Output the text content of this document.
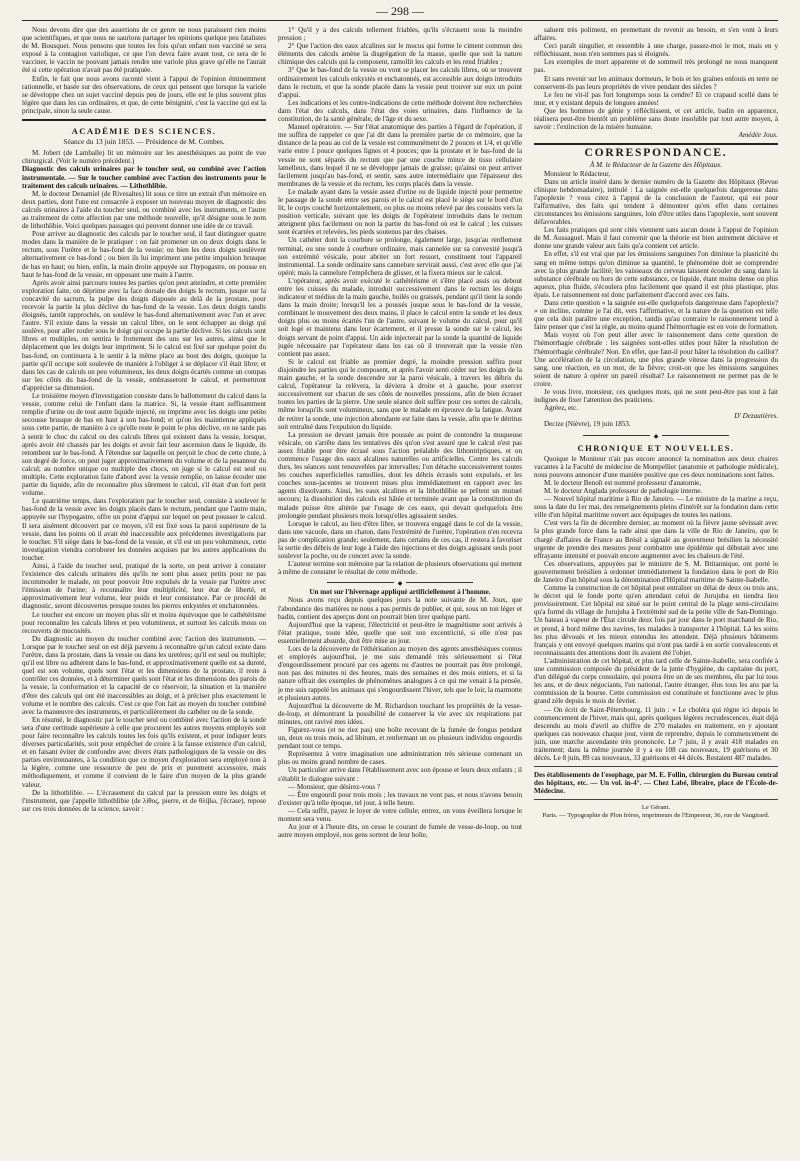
— 298 —

Nous devons dire que des assertions de ce genre ne nous paraissent rien moins que scientifiques, et que nous ne saurions partager les opinions quelque peu fatalistes de M. Bousquet. Nous pensons que toutes les fois qu'un enfant non vacciné se sera exposé à la contagion variolique, ce que l'on devra faire avant tout, ce sera de le vacciner, le vaccin ne pouvant jamais rendre une variole plus grave qu'elle ne l'aurait été si cette opération n'avait pas été pratiquée.

Enfin, le fait que nous avons raconté vient à l'appui de l'opinion éminemment rationnelle, et basée sur des observations, de ceux qui pensent que lorsque la variole se développe chez un sujet vacciné depuis peu de jours, elle est le plus souvent plus légère que dans les cas ordinaires, et que, de cette bénignité, c'est la vaccine qui est la principale, sinon la seule cause.

ACADÉMIE DES SCIENCES.
Séance du 13 juin 1853. — Présidence de M. Combes.

M. Jobert (de Lamballe) lit un mémoire sur les anesthésiques au point de vue chirurgical. (Voir le numéro précédent.)

Diagnostic des calculs urinaires par le toucher seul, ou combiné avec l'action instrumentale. — Sur le toucher combiné avec l'action des instruments pour le traitement des calculs urinaires. — Lithothlibie.

M. le docteur Denamiel (de Rivesaltes) lit sous ce titre un extrait d'un mémoire en deux parties, dont l'une est consacrée à exposer un nouveau moyen de diagnostic des calculs urinaires à l'aide du toucher seul, ou combiné avec les instruments, et l'autre au traitement de cette affection par une méthode nouvelle, qu'il désigne sous le nom de lithothlibie. Voici quelques passages qui peuvent donner une idée de ce travail.

Pour arriver au diagnostic des calculs par le toucher seul, il faut distinguer quatre modes dans la manière de le pratiquer : on fait promener un ou deux doigts dans le rectum, sous l'urètre et le bas-fond de la vessie; ou bien les deux doigts soulèvent alternativement ce bas-fond ; ou bien ils lui impriment une petite impulsion brusque de bas en haut; ou bien, enfin, la main droite appuyée sur l'hypogastre, on pousse en haut le bas-fond de la vessie, en opposant une main à l'autre.

Après avoir ainsi parcouru toutes les parties qu'on peut atteindre, et cette première exploration faite, on déprime avec la face dorsale des doigts le rectum, jusque sur la concavité du sacrum, la pulpe des doigts disposée au delà de la prostate, pour recevoir la partie la plus déclive du bas-fond de la vessie. Les deux doigts tandis éloignés, tantôt rapprochés, on soulève le bas-fond alternativement avec l'un et avec l'autre. S'il existe dans la vessie un calcul libre, on le sent échapper au doigt qui soulève, pour aller rouler sous le doigt qui occupe la partie déclive. Si les calculs sont libres et multiples, on sentira le frottement des uns sur les autres, aimsi que le déplacement que les doigts leur impriment. Si le calcul est fixé sur quelque point du bas-fond, on continuera à le sentir à la même place au bout des doigts, quoique la partie qu'il occupe soit soulevée de manière à l'obliger à se déplacer s'il était libre; et dans les cas de calculs un peu volumineux, les deux doigts écartés comme un compas sur les côtés du bas-fond de la vessie, embrasseront le calcul, et permettront d'apprécier sa dimension.

Le troisième moyen d'investigation consiste dans le ballottement du calcul dans la vessie, comme celui de l'enfant dans la matrice. Si, la vessie étant suffisamment remplie d'urine ou de tout autre liquide injecté, on imprime avec les doigts une petite secousse brusque de bas en haut à son bas-fond; et qu'on les maintienne appliqués sous cette partie, de manière à ce qu'elle reste le point le plus déclive, on ne tarde pas à sentir le choc du calcul ou des calculs libres qui existent dans la vessie, lorsque, après avoir été chassés par les doigts et avoir fait leur ascension dans le liquide, ils retombent sur le bas-fond. À l'étendue sur laquelle on perçoit le choc de cette chute, à son degré de force, on peut juger approximativement du volume et de la pesanteur du calcul; au nombre unique ou multiple des chocs, on juge si le calcul est seul ou multiple. Cette exploration faite d'abord avec la vessie remplie, on laisse écouler une partie du liquide, afin de reconnaître plus sûrement le calcul, s'il était d'un fort petit volume.

Le quatrième temps, dans l'exploration par le toucher seul, consiste à soulever le bas-fond de la vessie avec les doigts placés dans le rectum, pendant que l'autre main, appuyée sur l'hypogastre, offre un point d'appui sur lequel on peut pousser le calcul. Il sera aisément découvert par ce moyen, s'il est fixé sous la paroi supérieure de la vessie, dans les points où il avait été inaccessible aux précédentes investigations par le toucher. S'il siège dans le bas-fond de la vessie, et s'il est un peu volumineux, cette investigation viendra corroborer les données acquises par les autres applications du toucher.

Ainsi, à l'aide du toucher seul, pratiqué de la sorte, on peut arriver à constater l'existence des calculs urinaires dès qu'ils ne sont plus assez petits pour ne pas incommoder le malade, on pour pouvoir être expulsés de la vessie par l'urètre avec l'émission de l'urine; à reconnaître leur multiplicité, leur état de liberté, et approximativement leur volume, leur poids et leur consistance. Par ce procédé de diagnostic, seront découvertes presque toutes les pierres enkystées et enchatonnées.

Le toucher est encore un moyen plus sûr et moins équivoque que le cathétérisme pour reconnaître les calculs libres et peu volumineux, et surtout les calculs mous ou recouverts de mucosités.

Du diagnostic au moyen du toucher combiné avec l'action des instruments. — Lorsque par le toucher seul on est déjà parvenu à reconnaître qu'un calcul existe dans l'urètre, dans la prostate, dans la vessie ou dans les uretères; qu'il est seul ou multiple; qu'il est libre ou adhérent dans le bas-fond, et approximativement quelle est sa dureté, quel est son volume, quels sont l'état et les dimensions de la prostate, il reste à contrôler ces données, et à déterminer quels sont l'état et les dimensions des parois de la vessie, la conformation et la capacité de ce réservoir, la situation et la manière d'être des calculs qui ont été inaccessibles au doigt, et à préciser plus exactement le volume et le nombre des calculs. C'est ce que l'on fait au moyen du toucher combiné avec la manœuvre des instruments, et particulièrement du cathéter ou de la sonde.

En résumé, le diagnostic par le toucher seul ou combiné avec l'action de la sonde sera d'une certitude supérieure à celle que procurent les autres moyens employés soit pour faire reconnaître les calculs toutes les fois qu'ils existent, et pour indiquer leurs diverses particularités, soit pour empêcher de croire à la fausse existence d'un calcul, et en faisant éviter de confondre avec divers états pathologiques de la vessie ou des parties environnantes, à la condition que ce moyen d'exploration sera employé non à la légère, comme une ressource de peu de prix et purement accessoire, mais méthodiquement, et comme il convient de le faire d'un moyen de la plus grande valeur.

De la lithothlibie. — L'écrasement du calcul par la pression entre les doigts et l'instrument, que j'appelle lithothlibie (de λίθος, pierre, et de θλίβω, j'écrase), repose sur ces trois données de la science, savoir :

1° Qu'il y a des calculs tellement friables, qu'ils s'écrasent sous la moindre pression ;

2° Que l'action des eaux alcalines sur le mucus qui forme le ciment commun des éléments des calculs amène la disgrégation de la masse, quelle que soit la nature chimique des calculs qui la composent, ramollit les calculs et les rend friables ;

3° Que le bas-fond de la vessie ou vont se placer les calculs libres, où se trouvent ordinairement les calculs enkystés et enchatonnés, est accessible aux doigts introduits dans le rectum, et que la sonde placée dans la vessie peut trouver sur eux un point d'appui.

Les indications et les contre-indications de cette méthode doivent être recherchées dans l'état des calculs, dans l'état des voies urinaires, dans l'influence de la constitution, de la santé générale, de l'âge et du sexe.

Manuel opératoire. — Sur l'état anatomique des parties à l'égard de l'opération, il me suffira de rappeler ce que j'ai dit dans la première partie de ce mémoire, que la distance de la peau au col de la vessie est communément de 2 pouces et 1/4, et qu'elle varie entre 1 pouce quelques lignes et 4 pouces; que la prostate et le bas-fond de la vessie ne sont séparés du rectum que par une couche mince de tissu cellulaire lamelleux, dans lequel il ne se développe jamais de graisse; qu'ainsi on peut arriver facilement jusqu'au bas-fond, et sentir, sans autre intermédiaire que l'épaisseur des membranes de la vessie et du rectum, les corps placés dans la vessie.

Le malade ayant dans la vessie assez d'urine ou de liquide injecté pour permettre le passage de la sonde entre ses parois et le calcul est placé le siège sur le bord d'un lit, le corps couché horizontalement, ou plus ou moins relevé par des coussins vers la position verticale, suivant que les doigts de l'opérateur introduits dans le rectum atteignent plus facilement ou non la partie du bas-fond où est le calcul ; les cuisses sont écartées et relevées, les pieds soutenus par des chaises.

Un cathéter dont la courbure se prolonge, également large, jusqu'au renflement terminal, ou une sonde à courbure ordinaire, mais cannelée sur sa convexité jusqu'à son extrémité vésicale, pour abriter un fort ressort, constituent tout l'appareil instrumental. La sonde ordinaire sans cannelure servirait aussi, c'est avec elle que j'ai opéré; mais la cannelure l'empêchera de glisser, et la fixera mieux sur le calcul.

L'opérateur, après avoir exécuté le cathétérisme et s'être placé assis ou debout entre les cuisses du malade, introduit successivement dans le rectum les doigts indicateur et médius de la main gauche, huilés ou graissés, pendant qu'il tient la sonde dans la main droite; lorsqu'il les a poussés jusque sous le bas-fond de la vessie, combinant le mouvement des deux mains, il place le calcul entre la sonde et les deux doigts plus ou moins écartés l'un de l'autre, suivant le volume du calcul, pour qu'il soit logé et maintenu dans leur écartement, et il presse la sonde sur le calcul, les doigts servant de point d'appui. Un aide injecterait par la sonde la quantité de liquide jugée nécessaire par l'opérateur dans les cas où il trouverait que la vessie n'en contient pas assez.

Si le calcul est friable au premier degré, la moindre pression suffira pour disjoindre les parties qui le composent, et après l'avoir senti céder sur les doigts de la main gauche, et la sonde descendre sur la paroi vésicale, à travers les débris du calcul, l'opérateur la relèvera, la déviera à droite et à gauche, pour exercer successivement sur chacun de ses côtés de nouvelles pressions, afin de bien écraser toutes les parties de la pierre. Une seule séance doit suffire pour ces sortes de calculs, même lorsqu'ils sont volumineux, sans que le malade en éprouve de la fatigue. Avant de retirer la sonde, une injection abondante est faite dans la vessie, afin que le détritus soit entraîné dans l'expulsion du liquide.

La pression ne devant jamais être poussée au point de contondre la muqueuse vésicale, on s'arrête dans les tentatives dès qu'on s'est assuré que le calcul n'est pas assez friable pour être écrasé sous l'action préalable des lithontriptiques, et on commence l'usage des eaux alcalines naturelles ou artificielles. Contre les calculs durs, les séances sont renouvelées par intervalles; l'on détache successivement toutes les couches superficielles ramollies, dont les débris écrasés sont expulsés, et les couches sous-jacentes se trouvent mises plus immédiatement en rapport avec les agents dissolvants. Ainsi, les eaux alcalines et la lithothlibie se prêtent un mutuel secours; la dissolution des calculs est hâtée et terminée avant que la constitution du malade puisse être altérée par l'usage de ces eaux, qui devait quelquefois être prolongée pendant plusieurs mois lorsqu'elles agissaient seules.

Lorsque le calcul, au lieu d'être libre, se trouvera engagé dans le col de la vessie, dans une vacuole, dans un chaton, dans l'extrémité de l'urètre, l'opération n'en recevra pas de complication grande; seulement, dans certains de ces cas, il restera à favoriser la sortie des débris de leur loge à l'aide des injections et des doigts agissant seuls pour soulever la poche, ou de concert avec la sonde.

L'auteur termine son mémoire par la relation de plusieurs observations qui mettent à même de constater le résultat de cette méthode.

◆

Un mot sur l'hivernage appliqué artificiellement à l'homme.

Nous avons reçu depuis quelques jours la note suivante de M. Joux, que l'abondance des matières ne nous a pas permis de publier, et qui, sous un ton léger et badin, contient des aperçus dont on pourrait bien tirer quelque parti.

Aujourd'hui que la vapeur, l'électricité et peut-être le magnétisme sont arrivés à l'état pratique, toute idée, quelle que soit son excentricité, si elle n'est pas essentiellement absurde, doit être mise au jour.

Lors de la découverte de l'éthérisation au moyen des agents anesthésiques connus et employés aujourd'hui, je me suis demandé très sérieusement si l'état d'engourdissement procuré par ces agents ou d'autres ne pourrait pas être prolongé, non pas des minutes ni des heures, mais des semaines et des mois entiers, et si la nature offrait des exemples de phénomènes analogues à ce qui me venait à la pensée, je me suis rappelé les animaux qui s'engourdissent l'hiver, tels que le loir, la marmotte et plusieurs autres.

Aujourd'hui la découverte de M. Richardson touchant les propriétés de la vesse-de-loup, et démontrant la possibilité de conserver la vie avec six respirations par minutes, ont ravivé mes idées.

Figurez-vous (et ne riez pas) une boîte recevant de la fumée de fongus pendant un, deux ou trois mois, ad libitum, et renfermant un ou plusieurs individus engourdis pendant tout ce temps.

Représentez à votre imagination une administration très sérieuse contenant un plus ou moins grand nombre de cases.

Un particulier arrive dans l'établissement avec son épouse et leurs deux enfants ; il s'établit le dialogue suivant :

— Monsieur, que désirez-vous ?

— Être engourdi pour trois mois ; les travaux ne vont pas, et nous n'avons besoin d'exister qu'à telle époque, tel jour, à telle heure.

— Cela suffit, payez le loyer de votre cellule; entrez, on vous éveillera lorsque le moment sera venu.

Au jour et à l'heure dits, on cesse le courant de fumée de vesse-de-loup, ou tout autre moyen employé, nos gens sortent de leur boîte,

saluent très poliment, en premettant de revenir au besoin, et s'en vont à leurs affaires.

Ceci paraît singulier, et ressemble à une charge, passez-moi le mot, mais en y réfléchissant, nous n'en sommes pas si éloignés.

Les exemples de mort apparente et de sommeil très prolongé ne nous manquent pas.

Et sans revenir sur les animaux dormeurs, le bois et les graines enfouis en terre ne conservent-ils pas leurs propriétés de vivre pendant des siècles ?

Le feu ne vit-il pas fort longtemps sous la cendre? Et ce crapaud scellé dans le mur, et y existant depuis de longues années!

Que les hommes de génie y réfléchissent, et cet article, badin en apparence, réalisera peut-être bientôt un problème sans doute insoluble par tout autre moyen, à savoir : l'extinction de la misère humaine.

Amédée Joux.

CORRESPONDANCE.

À M. le Rédacteur de la Gazette des Hôpitaux.

Monsieur le Rédacteur,

Dans un article inséré dans le dernier numéro de la Gazette des Hôpitaux (Revue clinique hebdomadaire), intitulé : La saignée est-elle quelquefois dangereuse dans l'apoplexie ? vous citez à l'appui de la conclusion de l'auteur, qui est pour l'affirmative, des faits qui tendent à démontrer qu'en effet dans certaines circonstances les émissions sanguines, loin d'être utiles dans l'apoplexie, sont souvent défavorables.

Les faits pratiques qui sont cités viennent sans aucun doute à l'appui de l'opinion de M. Aussaguel. Mais il faut convenir que la théorie est bien autrement décisive et donne une grande valeur aux faits qu'a contient cet article.

En effet, s'il est vrai que par les émissions sanguines l'on diminue la plasticité du sang en même temps qu'on diminue sa quantité, le phénomène doit se comprendre avec la plus grande facilité; les vaisseaux du cerveau laissent écouler du sang dans la substance cérébrale ou hors de cette substance, ce liquide, étant moins dense ou plus aqueux, plus fluide, s'écoulera plus facilement que quand il est plus plastique, plus épais. Le raisonnement est donc parfaitement d'accord avec ces faits.

Dans cette question « la saignée est-elle quelquefois dangereuse dans l'apoplexie? » on incline, comme je l'ai dit, vers l'affirmative, et la nature de la question est telle que cela doit paraître une exception, tandis qu'au contraire le raisonnement tend à faire penser que c'est la règle, au moins quand l'hémorrhagie est en voie de formation.

Mais voyez où l'on peut aller avec le raisonnement dans cette question de l'hémorrhagie cérébrale : les saignées sont-elles utiles pour hâter la résolution de l'hémorrhagie cérébrale? Non. En effet, que faut-il pour hâter la résolution du caillot? Une accélération de la circulation, une plus grande vitesse dans la progression du sang, une réaction, en un mot, de la fièvre; croit-on que les émissions sanguines soient de nature à opérer un pareil résultat? Le raisonnement ne permet pas de le croire.

Je vous livre, monsieur, ces quelques mots, qui ne sont peut-être pas tout à fait indignes de fixer l'attention des praticiens.

Agréez, etc.

D' Dezautières.

Decize (Nièvre), 19 juin 1853.

◆
CHRONIQUE ET NOUVELLES.

Quoique le Moniteur n'ait pas encore annoncé la nomination aux deux chaires vacantes à la Faculté de médecine de Montpellier (anatomie et pathologie médicale), nous pouvons annoncer d'une manière positive que ces deux nominations sont faites.

M. le docteur Benoît est nommé professeur d'anatomie,

M. le docteur Anglada professeur de pathologie interne.

— Nouvel hôpital maritime à Rio de Janeiro. — Le ministre de la marine a reçu, sous la date du 1er mai, des renseignements pleins d'intérêt sur la fondation dans cette ville d'un hôpital maritime ouvert aux équipages de toutes les nations.

C'est vers la fin de décembre dernier, au moment où la fièvre jaune sévissait avec la plus grande force dans la rade ainsi que dans la ville de Rio de Janeiro, que le chargé d'affaires de France au Brésil a signalé au gouverneur brésilien la nécessité urgente de prendre des mesures pour combattre une épidémie qui débutait avec une effrayante intensité et pouvait encore augmenter avec les chaleurs de l'été.

Ces observations, appuyées par le ministre de S. M. Britannique, ont porté le gouvernement brésilien à ordonner immédiatement la fondation dans le port de Rio de Janeiro d'un hôpital sous la dénomination d'Hôpital maritime de Sainte-Isabelle.

Comme la construction de cet hôpital peut entraîner un délai de deux ou trois ans, le décret qui le fonde porte qu'en attendant celui de Jurujuba en tiendra lieu provisoirement. Cet hôpital est situé sur le point central de la plage semi-circulaire qu'a formé du village de Jurujuba à l'extrémité sud de la petite ville de San-Domingo. Un bateau à vapeur de l'État circule deux fois par jour dans le port marchand de Rio, et prend, à bord même des navires, les malades à transporter à l'hôpital. Là les soins les plus dévoués et les mieux entendus les attendent. Déjà plusieurs bâtiments français y ont envoyé quelques marins qui n'ont pas tardé à en sortir convalescents et reconnaissants des attentions dont ils avaient été l'objet.

L'administration de cet hôpital, et plus tard celle de Sainte-Isabelle, sera confiée à une commission composée du président de la junte d'hygiène, du capitaine du port, d'un délégué du corps consulaire, qui pourra être un de ses membres, élu par lui tous les ans, et de deux négociants, l'un national, l'autre étranger, élus tous les ans par la commission de la bourse. Cette commission est constituée et fonctionne avec le plus grand zèle depuis le mois de février.

— On écrit de Saint-Pétersbourg, 11 juin : « Le choléra qui règne ici depuis le commencement de l'hiver, mais qui, après quelques légères recrudescences, était déjà descendu au mois d'avril au chiffre de 270 malades en traitement, en y ajoutant quelques cas nouveaux chaque jour, vient de reprendre, depuis le commencement de juin, une marche ascendante très prononcée. Le 7 juin, il y avait 418 malades en traitement; dans la même journée il y a eu 108 cas nouveaux, 19 guérisons et 30 décès. Le 8 juin, 89 cas nouveaux, 33 guérisons et 44 décès. Restaient 487 malades.

Des établissements de l'esophage, par M. E. Follin, chirurgien du Bureau central des hôpitaux, etc. — Un vol. in-4°. — Chez Labé, libraire, place de l'École-de-Médecine.

Le Gérant.
Paris. — Typographie de Plon frères, imprimeurs de l'Empereur, 36, rue de Vaugirard.
